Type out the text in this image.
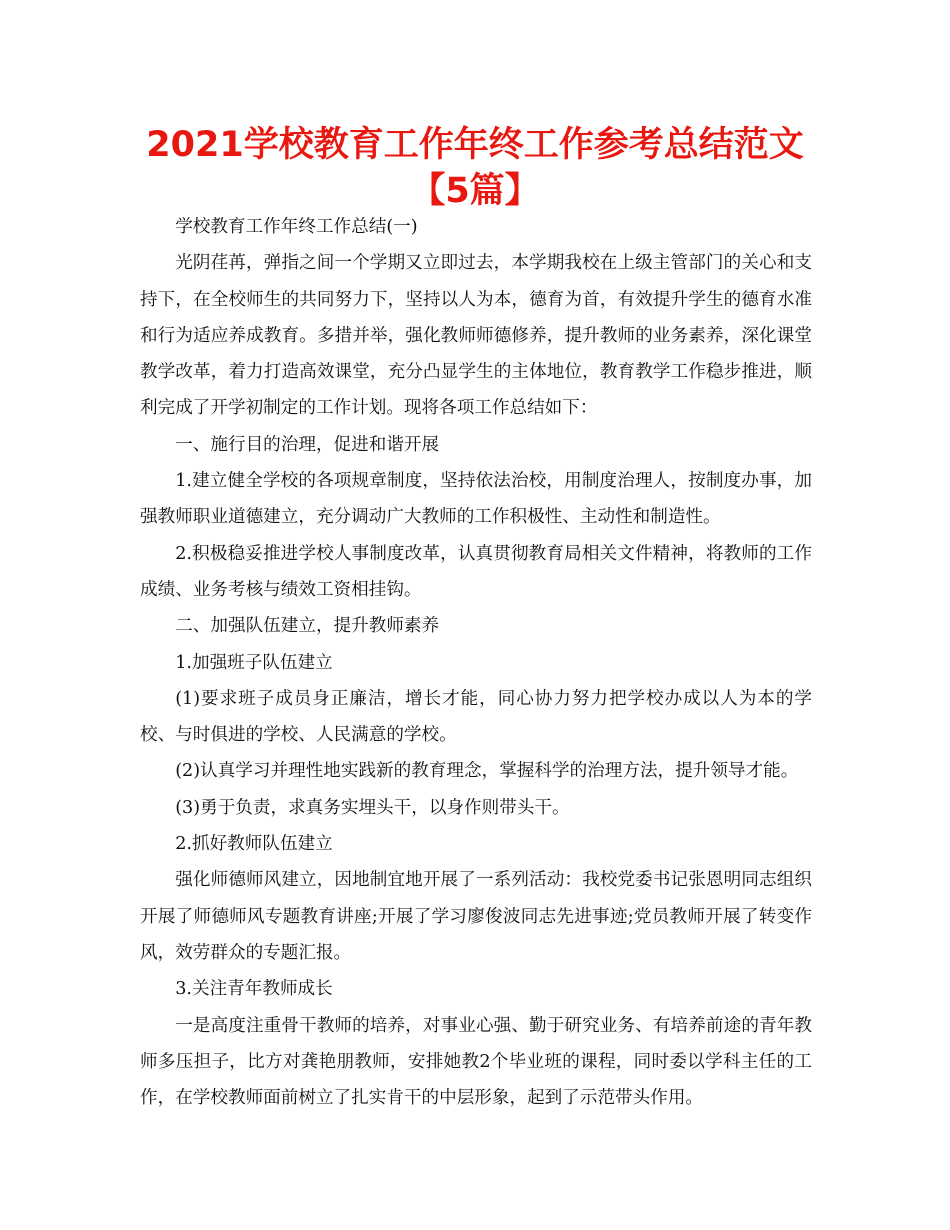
2021学校教育工作年终工作参考总结范文【5篇】

学校教育工作年终工作总结(一)

光阴荏苒，弹指之间一个学期又立即过去，本学期我校在上级主管部门的关心和支持下，在全校师生的共同努力下，坚持以人为本，德育为首，有效提升学生的德育水准和行为适应养成教育。多措并举，强化教师师德修养，提升教师的业务素养，深化课堂教学改革，着力打造高效课堂，充分凸显学生的主体地位，教育教学工作稳步推进，顺利完成了开学初制定的工作计划。现将各项工作总结如下：

一、施行目的治理，促进和谐开展

1.建立健全学校的各项规章制度，坚持依法治校，用制度治理人，按制度办事，加强教师职业道德建立，充分调动广大教师的工作积极性、主动性和制造性。

2.积极稳妥推进学校人事制度改革，认真贯彻教育局相关文件精神，将教师的工作成绩、业务考核与绩效工资相挂钩。

二、加强队伍建立，提升教师素养

1.加强班子队伍建立

(1)要求班子成员身正廉洁，增长才能，同心协力努力把学校办成以人为本的学校、与时俱进的学校、人民满意的学校。

(2)认真学习并理性地实践新的教育理念，掌握科学的治理方法，提升领导才能。

(3)勇于负责，求真务实埋头干，以身作则带头干。

2.抓好教师队伍建立

强化师德师风建立，因地制宜地开展了一系列活动：我校党委书记张恩明同志组织开展了师德师风专题教育讲座;开展了学习廖俊波同志先进事迹;党员教师开展了转变作风，效劳群众的专题汇报。

3.关注青年教师成长

一是高度注重骨干教师的培养，对事业心强、勤于研究业务、有培养前途的青年教师多压担子，比方对龚艳朋教师，安排她教2个毕业班的课程，同时委以学科主任的工作，在学校教师面前树立了扎实肯干的中层形象，起到了示范带头作用。
